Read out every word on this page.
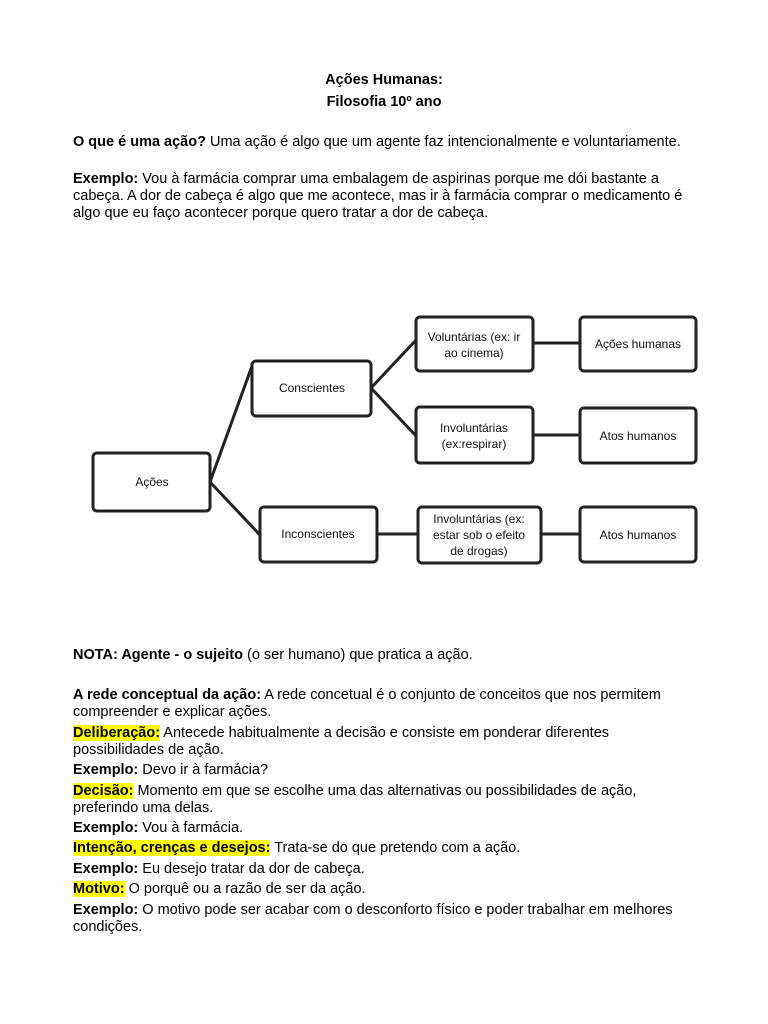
Ações Humanas:
Filosofia 10º ano
O que é uma ação? Uma ação é algo que um agente faz intencionalmente e voluntariamente.
Exemplo: Vou à farmácia comprar uma embalagem de aspirinas porque me dói bastante a cabeça. A dor de cabeça é algo que me acontece, mas ir à farmácia comprar o medicamento é algo que eu faço acontecer porque quero tratar a dor de cabeça.
Ações
Conscientes
Inconscientes
Voluntárias (ex: ir
ao cinema)
Involuntárias
(ex:respirar)
Involuntárias (ex:
estar sob o efeito
de drogas)
Ações humanas
Atos humanos
Atos humanos
NOTA: Agente - o sujeito (o ser humano) que pratica a ação.
A rede conceptual da ação: A rede concetual é o conjunto de conceitos que nos permitem compreender e explicar ações.
Deliberação: Antecede habitualmente a decisão e consiste em ponderar diferentes possibilidades de ação.
Exemplo: Devo ir à farmácia?
Decisão: Momento em que se escolhe uma das alternativas ou possibilidades de ação, preferindo uma delas.
Exemplo: Vou à farmácia.
Intenção, crenças e desejos: Trata-se do que pretendo com a ação.
Exemplo: Eu desejo tratar da dor de cabeça.
Motivo: O porquê ou a razão de ser da ação.
Exemplo: O motivo pode ser acabar com o desconforto físico e poder trabalhar em melhores condições.
